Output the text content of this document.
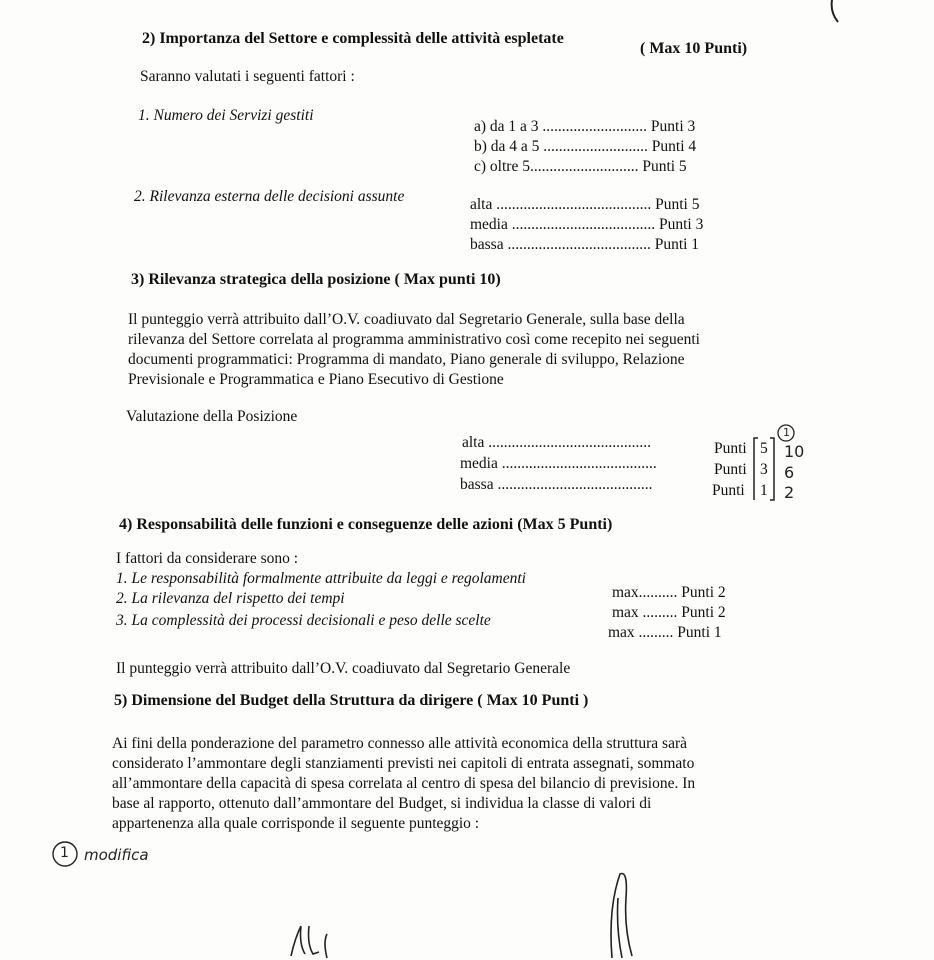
2) Importanza del Settore e complessità delle attività espletate
( Max 10 Punti)
Saranno valutati i seguenti fattori :
1. Numero dei Servizi gestiti
a) da 1 a 3 ........................... Punti 3
b) da 4 a 5 ........................... Punti 4
c) oltre 5............................ Punti 5
2. Rilevanza esterna delle decisioni assunte	alta ........................................ Punti 5
media ..................................... Punti 3
bassa ..................................... Punti 1
3) Rilevanza strategica della posizione ( Max punti 10)
Il punteggio verrà attribuito dall’O.V. coadiuvato dal Segretario Generale, sulla base della
rilevanza del Settore correlata al programma amministrativo così come recepito nei seguenti
documenti programmatici: Programma di mandato, Piano generale di sviluppo, Relazione
Previsionale e Programmatica e Piano Esecutivo di Gestione
Valutazione della Posizione
alta ..........................................
media ........................................
bassa ........................................
Punti
Punti
Punti
5
3
1
1
10
6
2
4) Responsabilità delle funzioni e conseguenze delle azioni (Max 5 Punti)
I fattori da considerare sono :
1. Le responsabilità formalmente attribuite da leggi e regolamenti
max.......... Punti 2
2. La rilevanza del rispetto dei tempi
max ......... Punti 2
3. La complessità dei processi decisionali e peso delle scelte
max ......... Punti 1
Il punteggio verrà attribuito dall’O.V. coadiuvato dal Segretario Generale
5) Dimensione del Budget della Struttura da dirigere ( Max 10 Punti )
Ai fini della ponderazione del parametro connesso alle attività economica della struttura sarà
considerato l’ammontare degli stanziamenti previsti nei capitoli di entrata assegnati, sommato
all’ammontare della capacità di spesa correlata al centro di spesa del bilancio di previsione. In
base al rapporto, ottenuto dall’ammontare del Budget, si individua la classe di valori di
appartenenza alla quale corrisponde il seguente punteggio :
1 modifica
